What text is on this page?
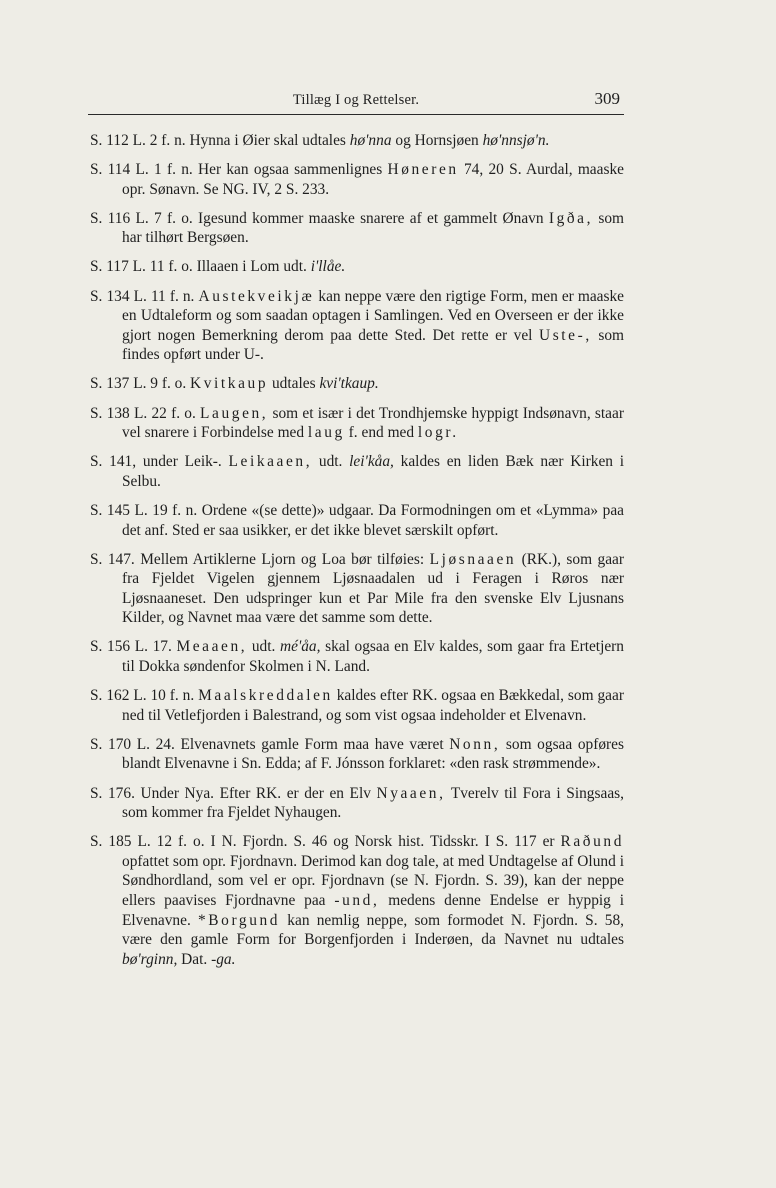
Tillæg I og Rettelser.	309
S. 112 L. 2 f. n. Hynna i Øier skal udtales hø'nna og Hornsjøen hø'nnsjø'n.
S. 114 L. 1 f. n. Her kan ogsaa sammenlignes Høneren 74, 20 S. Aurdal, maaske opr. Sønavn. Se NG. IV, 2 S. 233.
S. 116 L. 7 f. o. Igesund kommer maaske snarere af et gammelt Ønavn Igða, som har tilhørt Bergsøen.
S. 117 L. 11 f. o. Illaaen i Lom udt. i'llåe.
S. 134 L. 11 f. n. Austekveikjæ kan neppe være den rigtige Form, men er maaske en Udtaleform og som saadan optagen i Samlingen. Ved en Overseen er der ikke gjort nogen Bemerkning derom paa dette Sted. Det rette er vel Uste-, som findes opført under U-.
S. 137 L. 9 f. o. Kvitkaup udtales kvi'tkaup.
S. 138 L. 22 f. o. Laugen, som et især i det Trondhjemske hyppigt Indsønavn, staar vel snarere i Forbindelse med laug f. end med logr.
S. 141, under Leik-. Leikaaen, udt. lei'kåa, kaldes en liden Bæk nær Kirken i Selbu.
S. 145 L. 19 f. n. Ordene «(se dette)» udgaar. Da Formodningen om et «Lymma» paa det anf. Sted er saa usikker, er det ikke blevet særskilt opført.
S. 147. Mellem Artiklerne Ljorn og Loa bør tilføies: Ljøsnaaen (RK.), som gaar fra Fjeldet Vigelen gjennem Ljøsnaadalen ud i Feragen i Røros nær Ljøsnaaneset. Den udspringer kun et Par Mile fra den svenske Elv Ljusnans Kilder, og Navnet maa være det samme som dette.
S. 156 L. 17. Meaaen, udt. mé'åa, skal ogsaa en Elv kaldes, som gaar fra Ertetjern til Dokka søndenfor Skolmen i N. Land.
S. 162 L. 10 f. n. Maalskreddalen kaldes efter RK. ogsaa en Bækkedal, som gaar ned til Vetlefjorden i Balestrand, og som vist ogsaa indeholder et Elvenavn.
S. 170 L. 24. Elvenavnets gamle Form maa have været Nonn, som ogsaa opføres blandt Elvenavne i Sn. Edda; af F. Jónsson forklaret: «den rask strømmende».
S. 176. Under Nya. Efter RK. er der en Elv Nyaaen, Tverelv til Fora i Singsaas, som kommer fra Fjeldet Nyhaugen.
S. 185 L. 12 f. o. I N. Fjordn. S. 46 og Norsk hist. Tidsskr. I S. 117 er Raðund opfattet som opr. Fjordnavn. Derimod kan dog tale, at med Undtagelse af Olund i Søndhordland, som vel er opr. Fjordnavn (se N. Fjordn. S. 39), kan der neppe ellers paavises Fjordnavne paa -und, medens denne Endelse er hyppig i Elvenavne. *Borgund kan nemlig neppe, som formodet N. Fjordn. S. 58, være den gamle Form for Borgenfjorden i Inderøen, da Navnet nu udtales bø'rginn, Dat. -ga.
